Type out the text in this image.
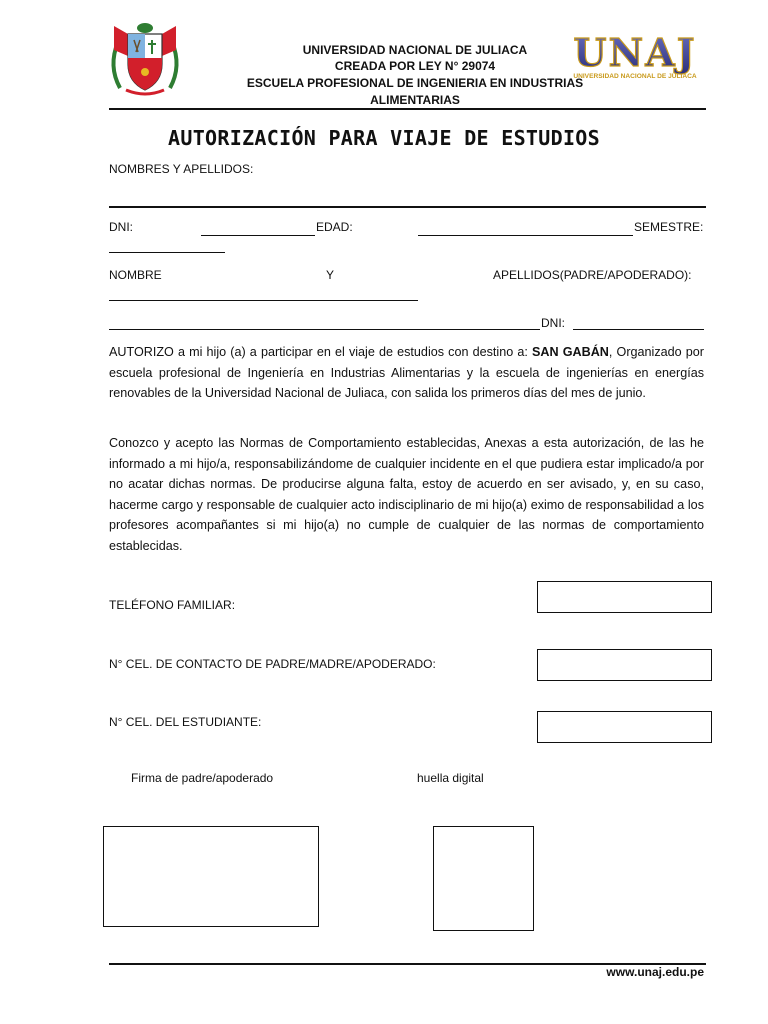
UNIVERSIDAD NACIONAL DE JULIACA
CREADA POR LEY N° 29074
ESCUELA PROFESIONAL DE INGENIERIA EN INDUSTRIAS
ALIMENTARIAS
UNAJ
UNIVERSIDAD NACIONAL DE JULIACA
AUTORIZACIÓN PARA VIAJE DE ESTUDIOS
NOMBRES Y APELLIDOS:
DNI:	EDAD:	SEMESTRE:
NOMBRE	Y	APELLIDOS(PADRE/APODERADO):
DNI:
AUTORIZO a mi hijo (a) a participar en el viaje de estudios con destino a: SAN GABÁN, Organizado por escuela profesional de Ingeniería en Industrias Alimentarias y la escuela de ingenierías en energías renovables de la Universidad Nacional de Juliaca, con salida los primeros días del mes de junio.
Conozco y acepto las Normas de Comportamiento establecidas, Anexas a esta autorización, de las he informado a mi hijo/a, responsabilizándome de cualquier incidente en el que pudiera estar implicado/a por no acatar dichas normas. De producirse alguna falta, estoy de acuerdo en ser avisado, y, en su caso, hacerme cargo y responsable de cualquier acto indisciplinario de mi hijo(a) eximo de responsabilidad a los profesores acompañantes si mi hijo(a) no cumple de cualquier de las normas de comportamiento establecidas.
TELÉFONO FAMILIAR:
N° CEL. DE CONTACTO DE PADRE/MADRE/APODERADO:
N° CEL. DEL ESTUDIANTE:
Firma de padre/apoderado	huella digital
www.unaj.edu.pe
